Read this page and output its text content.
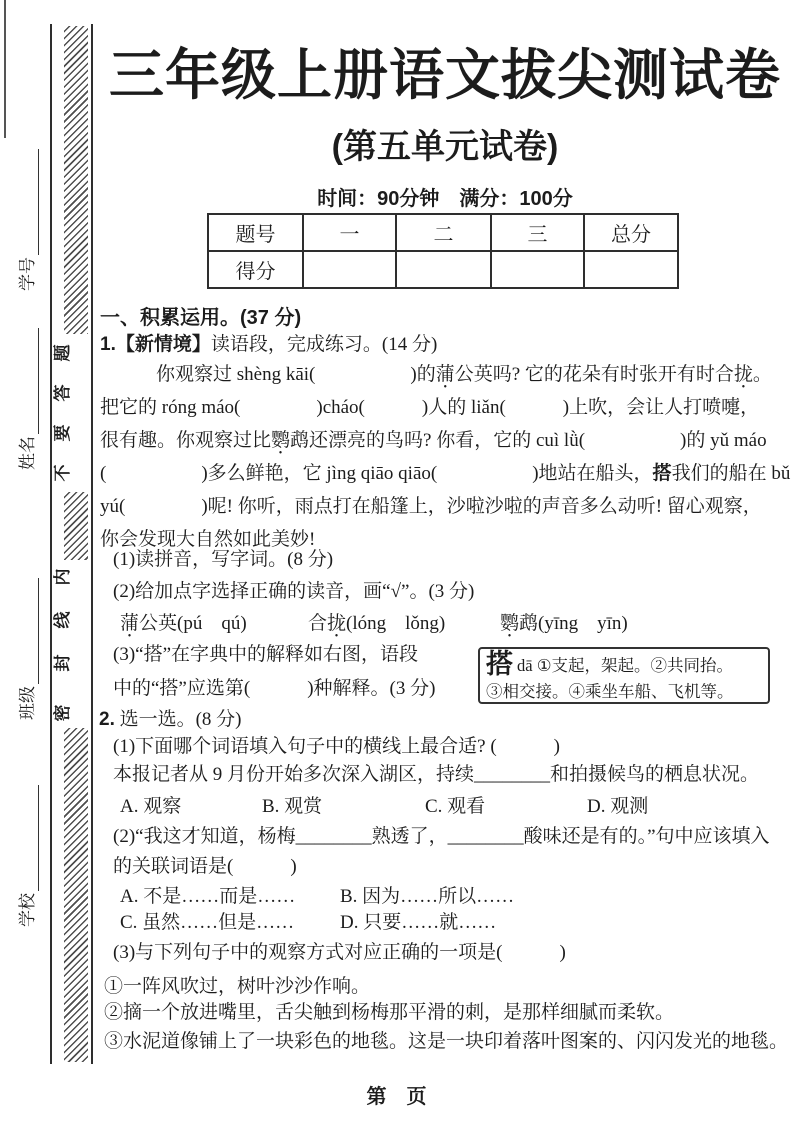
题
答
要
不
内
线
封
密
学号
姓名
班级
学校
三年级上册语文拔尖测试卷
(第五单元试卷)
时间：90分钟　满分：100分
题号	一	二	三	总分
得分				
一、积累运用。(37 分)
1.【新情境】读语段，完成练习。(14 分)
你观察过 shèng kāi(　　　　　)的蒲公英吗? 它的花朵有时张开有时合拢。
把它的 róng máo(　　　　)cháo(　　　)人的 liǎn(　　　)上吹，会让人打喷嚏，
很有趣。你观察过比鹦鹉还漂亮的鸟吗? 你看，它的 cuì lǜ(　　　　　)的 yǔ máo
(　　　　　)多么鲜艳，它 jìng qiāo qiāo(　　　　　)地站在船头，搭我们的船在 bǔ
yú(　　　　)呢! 你听，雨点打在船篷上，沙啦沙啦的声音多么动听! 留心观察，
你会发现大自然如此美妙!
(1)读拼音，写字词。(8 分)
(2)给加点字选择正确的读音，画“√”。(3 分)
蒲公英(pú　qú)	合拢(lóng　lǒng)	鹦鹉(yīng　yīn)
(3)“搭”在字典中的解释如右图，语段
中的“搭”应选第(　　　)种解释。(3 分)
搭dā ①支起，架起。②共同抬。
③相交接。④乘坐车船、飞机等。
2. 选一选。(8 分)
(1)下面哪个词语填入句子中的横线上最合适? (　　　)
本报记者从 9 月份开始多次深入湖区，持续________和拍摄候鸟的栖息状况。
A. 观察	B. 观赏	C. 观看	D. 观测
(2)“我这才知道，杨梅________熟透了，________酸味还是有的。”句中应该填入
的关联词语是(　　　)
A. 不是……而是…… B. 因为……所以……
C. 虽然……但是…… D. 只要……就……
(3)与下列句子中的观察方式对应正确的一项是(　　　)
①一阵风吹过，树叶沙沙作响。
②摘一个放进嘴里，舌尖触到杨梅那平滑的刺，是那样细腻而柔软。
③水泥道像铺上了一块彩色的地毯。这是一块印着落叶图案的、闪闪发光的地毯。
第　页
